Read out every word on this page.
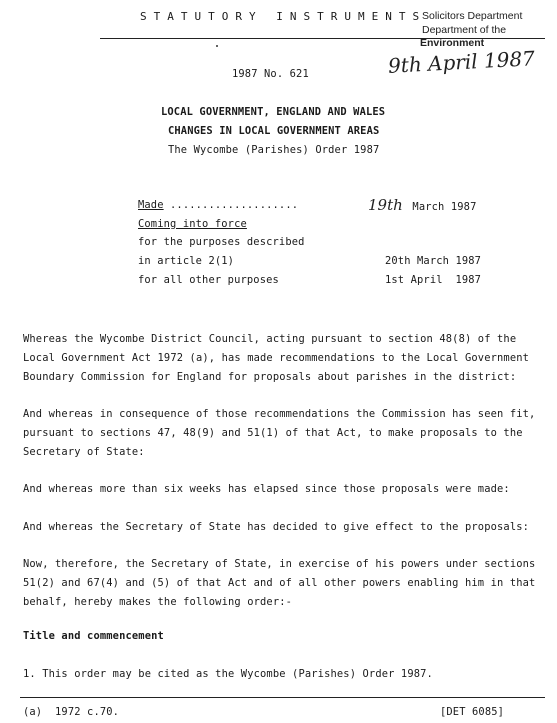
STATUTORY INSTRUMENTS
Solicitors Department
Department of the
Environment
9th April 1987
1987 No. 621
LOCAL GOVERNMENT, ENGLAND AND WALES
CHANGES IN LOCAL GOVERNMENT AREAS
The Wycombe (Parishes) Order 1987
Made ....................	19th March 1987
Coming into force
for the purposes described
in article 2(1)	20th March 1987
for all other purposes	1st April  1987
Whereas the Wycombe District Council, acting pursuant to section 48(8) of the Local Government Act 1972 (a), has made recommendations to the Local Government Boundary Commission for England for proposals about parishes in the district:
And whereas in consequence of those recommendations the Commission has seen fit, pursuant to sections 47, 48(9) and 51(1) of that Act, to make proposals to the Secretary of State:
And whereas more than six weeks has elapsed since those proposals were made:
And whereas the Secretary of State has decided to give effect to the proposals:
Now, therefore, the Secretary of State, in exercise of his powers under sections 51(2) and 67(4) and (5) of that Act and of all other powers enabling him in that behalf, hereby makes the following order:-
Title and commencement
1. This order may be cited as the Wycombe (Parishes) Order 1987.
(a)  1972 c.70.	[DET 6085]
